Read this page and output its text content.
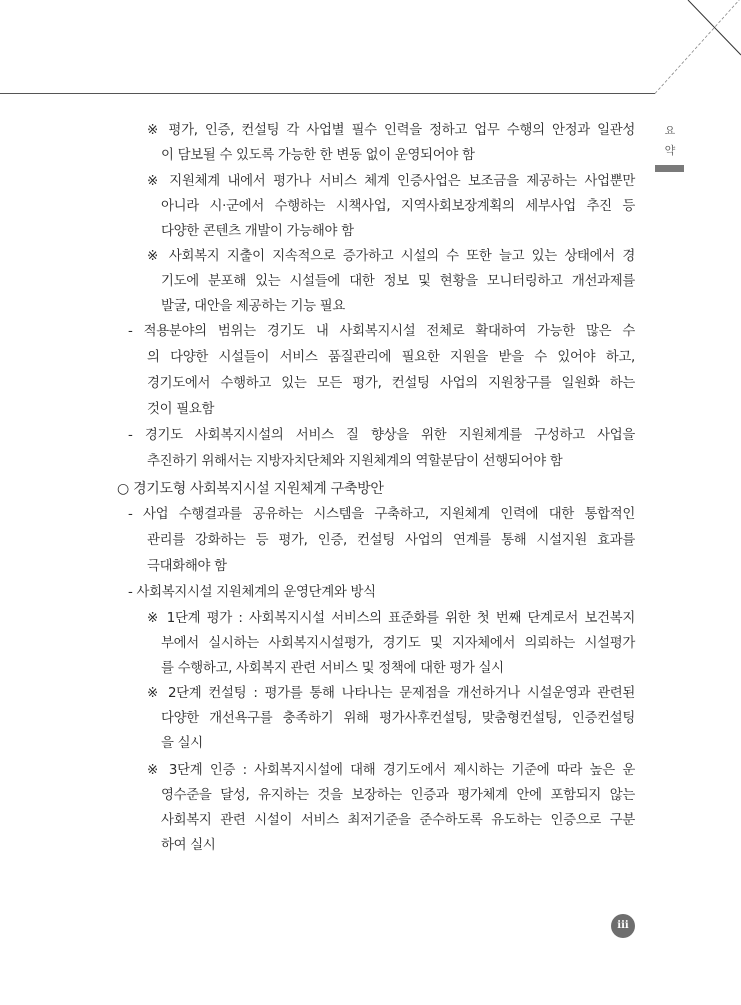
요
약
※ 평가, 인증, 컨설팅 각 사업별 필수 인력을 정하고 업무 수행의 안정과 일관성
이 담보될 수 있도록 가능한 한 변동 없이 운영되어야 함
※ 지원체계 내에서 평가나 서비스 체계 인증사업은 보조금을 제공하는 사업뿐만
아니라 시·군에서 수행하는 시책사업, 지역사회보장계획의 세부사업 추진 등
다양한 콘텐츠 개발이 가능해야 함
※ 사회복지 지출이 지속적으로 증가하고 시설의 수 또한 늘고 있는 상태에서 경
기도에 분포해 있는 시설들에 대한 정보 및 현황을 모니터링하고 개선과제를
발굴, 대안을 제공하는 기능 필요
- 적용분야의 범위는 경기도 내 사회복지시설 전체로 확대하여 가능한 많은 수
의 다양한 시설들이 서비스 품질관리에 필요한 지원을 받을 수 있어야 하고,
경기도에서 수행하고 있는 모든 평가, 컨설팅 사업의 지원창구를 일원화 하는
것이 필요함
- 경기도 사회복지시설의 서비스 질 향상을 위한 지원체계를 구성하고 사업을
추진하기 위해서는 지방자치단체와 지원체계의 역할분담이 선행되어야 함
○ 경기도형 사회복지시설 지원체계 구축방안
- 사업 수행결과를 공유하는 시스템을 구축하고, 지원체계 인력에 대한 통합적인
관리를 강화하는 등 평가, 인증, 컨설팅 사업의 연계를 통해 시설지원 효과를
극대화해야 함
- 사회복지시설 지원체계의 운영단계와 방식
※ 1단계 평가 : 사회복지시설 서비스의 표준화를 위한 첫 번째 단계로서 보건복지
부에서 실시하는 사회복지시설평가, 경기도 및 지자체에서 의뢰하는 시설평가
를 수행하고, 사회복지 관련 서비스 및 정책에 대한 평가 실시
※ 2단계 컨설팅 : 평가를 통해 나타나는 문제점을 개선하거나 시설운영과 관련된
다양한 개선욕구를 충족하기 위해 평가사후컨설팅, 맞춤형컨설팅, 인증컨설팅
을 실시
※ 3단계 인증 : 사회복지시설에 대해 경기도에서 제시하는 기준에 따라 높은 운
영수준을 달성, 유지하는 것을 보장하는 인증과 평가체계 안에 포함되지 않는
사회복지 관련 시설이 서비스 최저기준을 준수하도록 유도하는 인증으로 구분
하여 실시
iii
